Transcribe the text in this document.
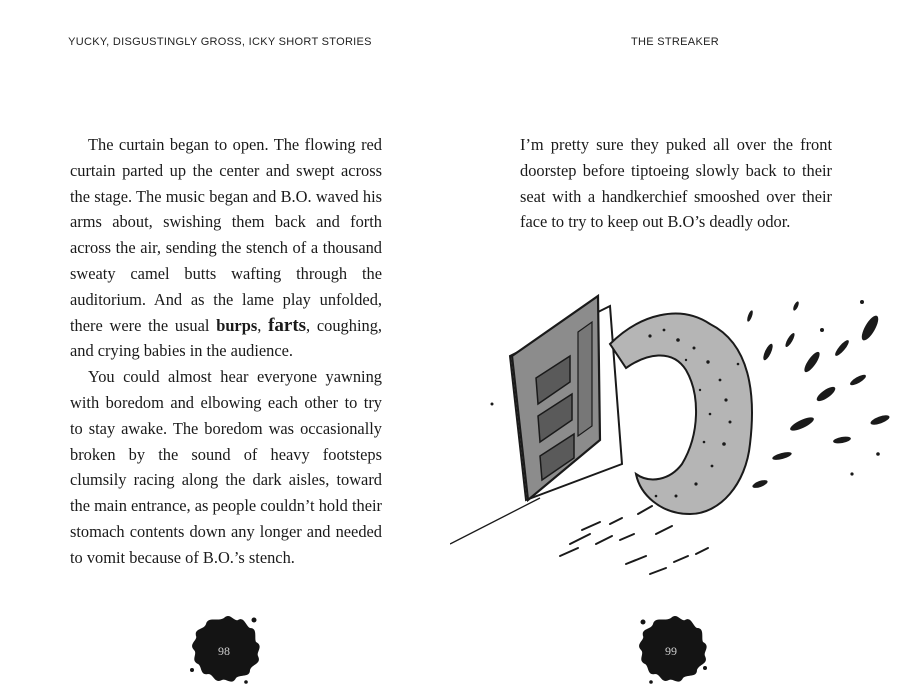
YUCKY, DISGUSTINGLY GROSS, ICKY SHORT STORIES

The curtain began to open. The flowing red curtain parted up the center and swept across the stage. The music began and B.O. waved his arms about, swishing them back and forth across the air, sending the stench of a thousand sweaty camel butts wafting through the auditorium. And as the lame play unfolded, there were the usual burps, farts, coughing, and crying babies in the audience.

You could almost hear everyone yawning with boredom and elbowing each other to try to stay awake. The boredom was occasionally broken by the sound of heavy footsteps clumsily racing along the dark aisles, toward the main entrance, as people couldn’t hold their stomach contents down any longer and needed to vomit because of B.O.’s stench.

98
THE STREAKER

I’m pretty sure they puked all over the front doorstep before tiptoeing slowly back to their seat with a handkerchief smooshed over their face to try to keep out B.O’s deadly odor.

99
